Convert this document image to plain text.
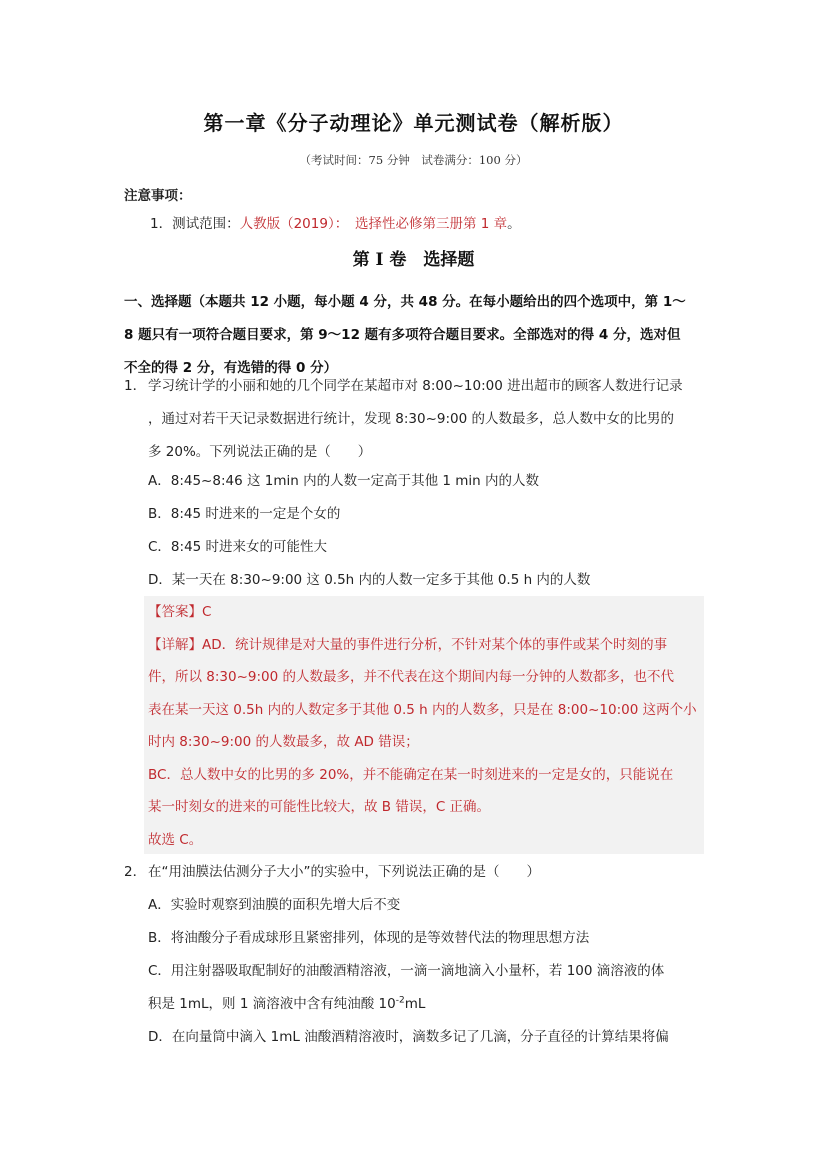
第一章《分子动理论》单元测试卷（解析版）
（考试时间：75 分钟　试卷满分：100 分）
注意事项：
1．测试范围：人教版（2019）：　选择性必修第三册第 1 章。
第 I 卷　选择题
一、选择题（本题共 12 小题，每小题 4 分，共 48 分。在每小题给出的四个选项中，第 1～
8 题只有一项符合题目要求，第 9～12 题有多项符合题目要求。全部选对的得 4 分，选对但
不全的得 2 分，有选错的得 0 分）
1． 学习统计学的小丽和她的几个同学在某超市对 8:00~10:00 进出超市的顾客人数进行记录
，通过对若干天记录数据进行统计，发现 8:30~9:00 的人数最多，总人数中女的比男的
多 20%。下列说法正确的是（　　）
A．8:45~8:46 这 1min 内的人数一定高于其他 1 min 内的人数
B．8:45 时进来的一定是个女的
C．8:45 时进来女的可能性大
D．某一天在 8:30~9:00 这 0.5h 内的人数一定多于其他 0.5 h 内的人数
【答案】C
【详解】AD．统计规律是对大量的事件进行分析，不针对某个体的事件或某个时刻的事
件，所以 8:30~9:00 的人数最多，并不代表在这个期间内每一分钟的人数都多，也不代
表在某一天这 0.5h 内的人数定多于其他 0.5 h 内的人数多，只是在 8:00~10:00 这两个小
时内 8:30~9:00 的人数最多，故 AD 错误；
BC．总人数中女的比男的多 20%，并不能确定在某一时刻进来的一定是女的，只能说在
某一时刻女的进来的可能性比较大，故 B 错误，C 正确。
故选 C。
2． 在“用油膜法估测分子大小”的实验中，下列说法正确的是（　　）
A．实验时观察到油膜的面积先增大后不变
B．将油酸分子看成球形且紧密排列，体现的是等效替代法的物理思想方法
C．用注射器吸取配制好的油酸酒精溶液，一滴一滴地滴入小量杯，若 100 滴溶液的体
积是 1mL，则 1 滴溶液中含有纯油酸 $10^{-2}mL$
D．在向量筒中滴入 1mL 油酸酒精溶液时，滴数多记了几滴，分子直径的计算结果将偏
